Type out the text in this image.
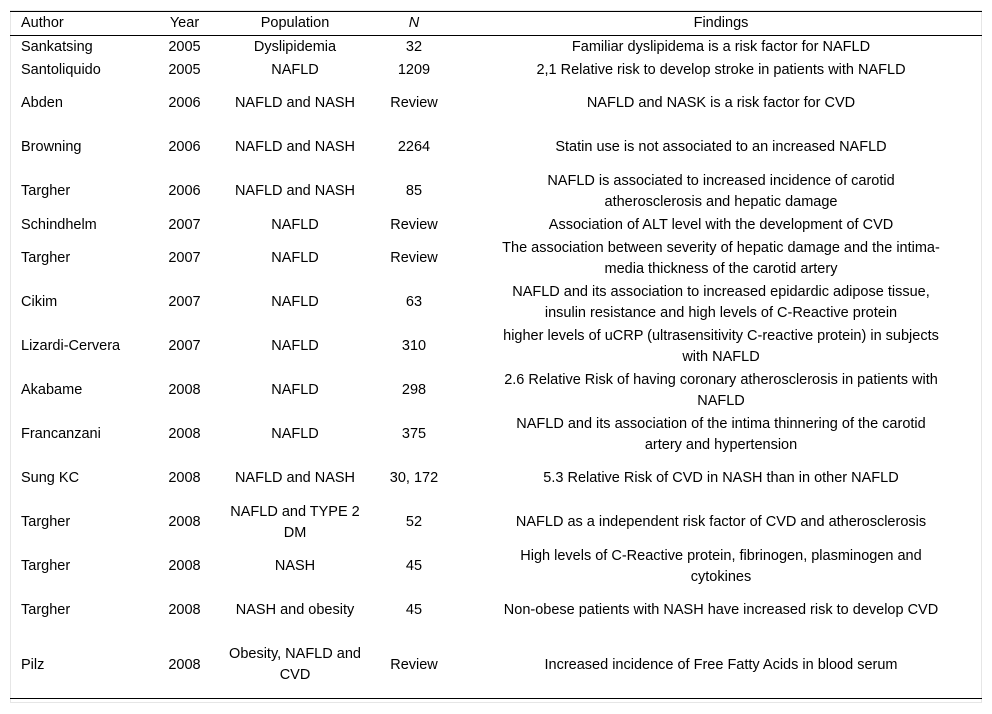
Author	Year	Population	N	Findings
Sankatsing	2005	Dyslipidemia	32	Familiar dyslipidema is a risk factor for NAFLD
Santoliquido	2005	NAFLD	1209	2,1 Relative risk to develop stroke in patients with NAFLD
Abden	2006	NAFLD and NASH	Review	NAFLD and NASK is a risk factor for CVD
Browning	2006	NAFLD and NASH	2264	Statin use is not associated to an increased NAFLD
Targher	2006	NAFLD and NASH	85	NAFLD is associated to increased incidence of carotid atherosclerosis and hepatic damage
Schindhelm	2007	NAFLD	Review	Association of ALT level with the development of CVD
Targher	2007	NAFLD	Review	The association between severity of hepatic damage and the intima-media thickness of the carotid artery
Cikim	2007	NAFLD	63	NAFLD and its association to increased epidardic adipose tissue, insulin resistance and high levels of C-Reactive protein
Lizardi-Cervera	2007	NAFLD	310	higher levels of uCRP (ultrasensitivity C-reactive protein) in subjects with NAFLD
Akabame	2008	NAFLD	298	2.6 Relative Risk of having coronary atherosclerosis in patients with NAFLD
Francanzani	2008	NAFLD	375	NAFLD and its association of the intima thinnering of the carotid artery and hypertension
Sung KC	2008	NAFLD and NASH	30, 172	5.3 Relative Risk of CVD in NASH than in other NAFLD
Targher	2008	NAFLD and TYPE 2 DM	52	NAFLD as a independent risk factor of CVD and atherosclerosis
Targher	2008	NASH	45	High levels of C-Reactive protein, fibrinogen, plasminogen and cytokines
Targher	2008	NASH and obesity	45	Non-obese patients with NASH have increased risk to develop CVD
Pilz	2008	Obesity, NAFLD and CVD	Review	Increased incidence of Free Fatty Acids in blood serum
